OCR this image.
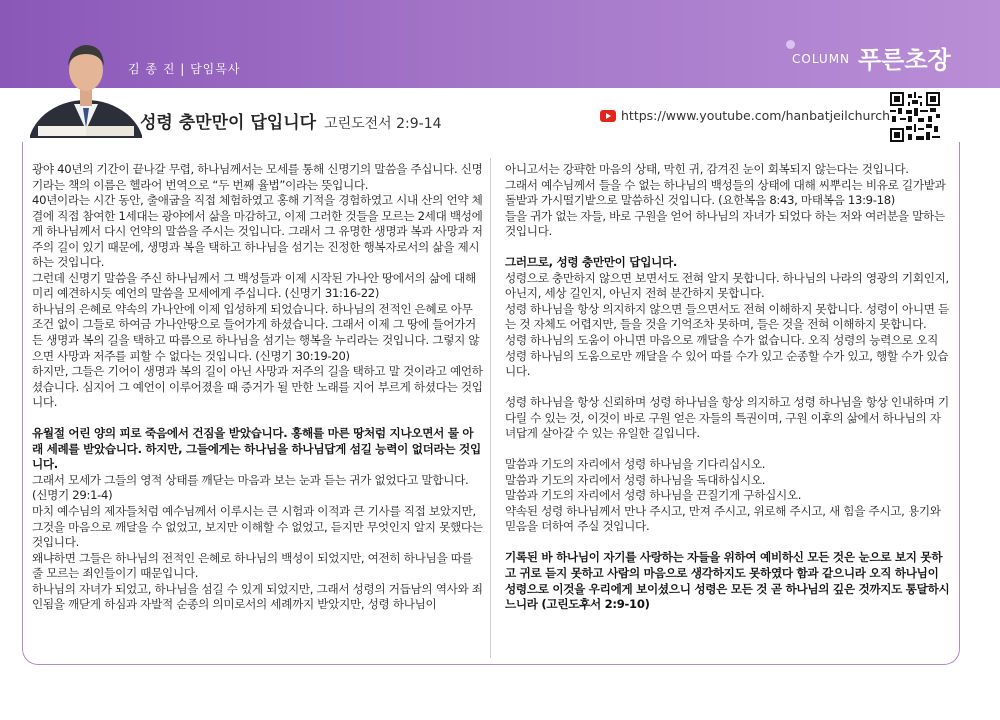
김 종 진 | 담임목사
COLUMN 푸른초장
성령 충만만이 답입니다 고린도전서 2:9-14
https://www.youtube.com/hanbatjeilchurch

광야 40년의 기간이 끝나갈 무렵, 하나님께서는 모세를 통해 신명기의 말씀을 주십니다. 신명기라는 책의 이름은 헬라어 번역으로 “두 번째 율법”이라는 뜻입니다.

40년이라는 시간 동안, 출애굽을 직접 체험하였고 홍해 기적을 경험하였고 시내 산의 언약 체결에 직접 참여한 1세대는 광야에서 삶을 마감하고, 이제 그러한 것들을 모르는 2세대 백성에게 하나님께서 다시 언약의 말씀을 주시는 것입니다. 그래서 그 유명한 생명과 복과 사망과 저주의 길이 있기 때문에, 생명과 복을 택하고 하나님을 섬기는 진정한 행복자로서의 삶을 제시하는 것입니다.

그런데 신명기 말씀을 주신 하나님께서 그 백성들과 이제 시작된 가나안 땅에서의 삶에 대해 미리 예견하시듯 예언의 말씀을 모세에게 주십니다. (신명기 31:16-22)

하나님의 은혜로 약속의 가나안에 이제 입성하게 되었습니다. 하나님의 전적인 은혜로 아무 조건 없이 그들로 하여금 가나안땅으로 들어가게 하셨습니다. 그래서 이제 그 땅에 들어가거든 생명과 복의 길을 택하고 따름으로 하나님을 섬기는 행복을 누리라는 것입니다. 그렇지 않으면 사망과 저주를 피할 수 없다는 것입니다. (신명기 30:19-20)

하지만, 그들은 기어이 생명과 복의 길이 아닌 사망과 저주의 길을 택하고 말 것이라고 예언하셨습니다. 심지어 그 예언이 이루어졌을 때 증거가 될 만한 노래를 지어 부르게 하셨다는 것입니다.

유월절 어린 양의 피로 죽음에서 건짐을 받았습니다. 홍해를 마른 땅처럼 지나오면서 물 아래 세례를 받았습니다. 하지만, 그들에게는 하나님을 하나님답게 섬길 능력이 없더라는 것입니다.

그래서 모세가 그들의 영적 상태를 깨닫는 마음과 보는 눈과 듣는 귀가 없었다고 말합니다. (신명기 29:1-4)

마치 예수님의 제자들처럼 예수님께서 이루시는 큰 시험과 이적과 큰 기사를 직접 보았지만, 그것을 마음으로 깨달을 수 없었고, 보지만 이해할 수 없었고, 듣지만 무엇인지 알지 못했다는 것입니다.

왜냐하면 그들은 하나님의 전적인 은혜로 하나님의 백성이 되었지만, 여전히 하나님을 따를 줄 모르는 죄인들이기 때문입니다.

하나님의 자녀가 되었고, 하나님을 섬길 수 있게 되었지만, 그래서 성령의 거듭남의 역사와 죄인됨을 깨닫게 하심과 자발적 순종의 의미로서의 세례까지 받았지만, 성령 하나님이

아니고서는 강퍅한 마음의 상태, 막힌 귀, 감겨진 눈이 회복되지 않는다는 것입니다.

그래서 예수님께서 들을 수 없는 하나님의 백성들의 상태에 대해 씨뿌리는 비유로 길가밭과 돌밭과 가시떨기밭으로 말씀하신 것입니다. (요한복음 8:43, 마태복음 13:9-18)

들을 귀가 없는 자들, 바로 구원을 얻어 하나님의 자녀가 되었다 하는 저와 여러분을 말하는 것입니다.

그러므로, 성령 충만만이 답입니다.

성령으로 충만하지 않으면 보면서도 전혀 알지 못합니다. 하나님의 나라의 영광의 기회인지, 아닌지, 세상 길인지, 아닌지 전혀 분간하지 못합니다.

성령 하나님을 항상 의지하지 않으면 들으면서도 전혀 이해하지 못합니다. 성령이 아니면 듣는 것 자체도 어렵지만, 들을 것을 기억조차 못하며, 들은 것을 전혀 이해하지 못합니다.

성령 하나님의 도움이 아니면 마음으로 깨달을 수가 없습니다. 오직 성령의 능력으로 오직 성령 하나님의 도움으로만 깨달을 수 있어 따를 수가 있고 순종할 수가 있고, 행할 수가 있습니다.

성령 하나님을 항상 신뢰하며 성령 하나님을 항상 의지하고 성령 하나님을 항상 인내하며 기다릴 수 있는 것, 이것이 바로 구원 얻은 자들의 특권이며, 구원 이후의 삶에서 하나님의 자녀답게 살아갈 수 있는 유일한 길입니다.

말씀과 기도의 자리에서 성령 하나님을 기다리십시오.

말씀과 기도의 자리에서 성령 하나님을 독대하십시오.

말씀과 기도의 자리에서 성령 하나님을 끈질기게 구하십시오.

약속된 성령 하나님께서 만나 주시고, 만져 주시고, 위로해 주시고, 새 힘을 주시고, 용기와 믿음을 더하여 주실 것입니다.

기록된 바 하나님이 자기를 사랑하는 자들을 위하여 예비하신 모든 것은 눈으로 보지 못하고 귀로 듣지 못하고 사람의 마음으로 생각하지도 못하였다 함과 같으니라 오직 하나님이 성령으로 이것을 우리에게 보이셨으니 성령은 모든 것 곧 하나님의 깊은 것까지도 통달하시느니라 (고린도후서 2:9-10)
